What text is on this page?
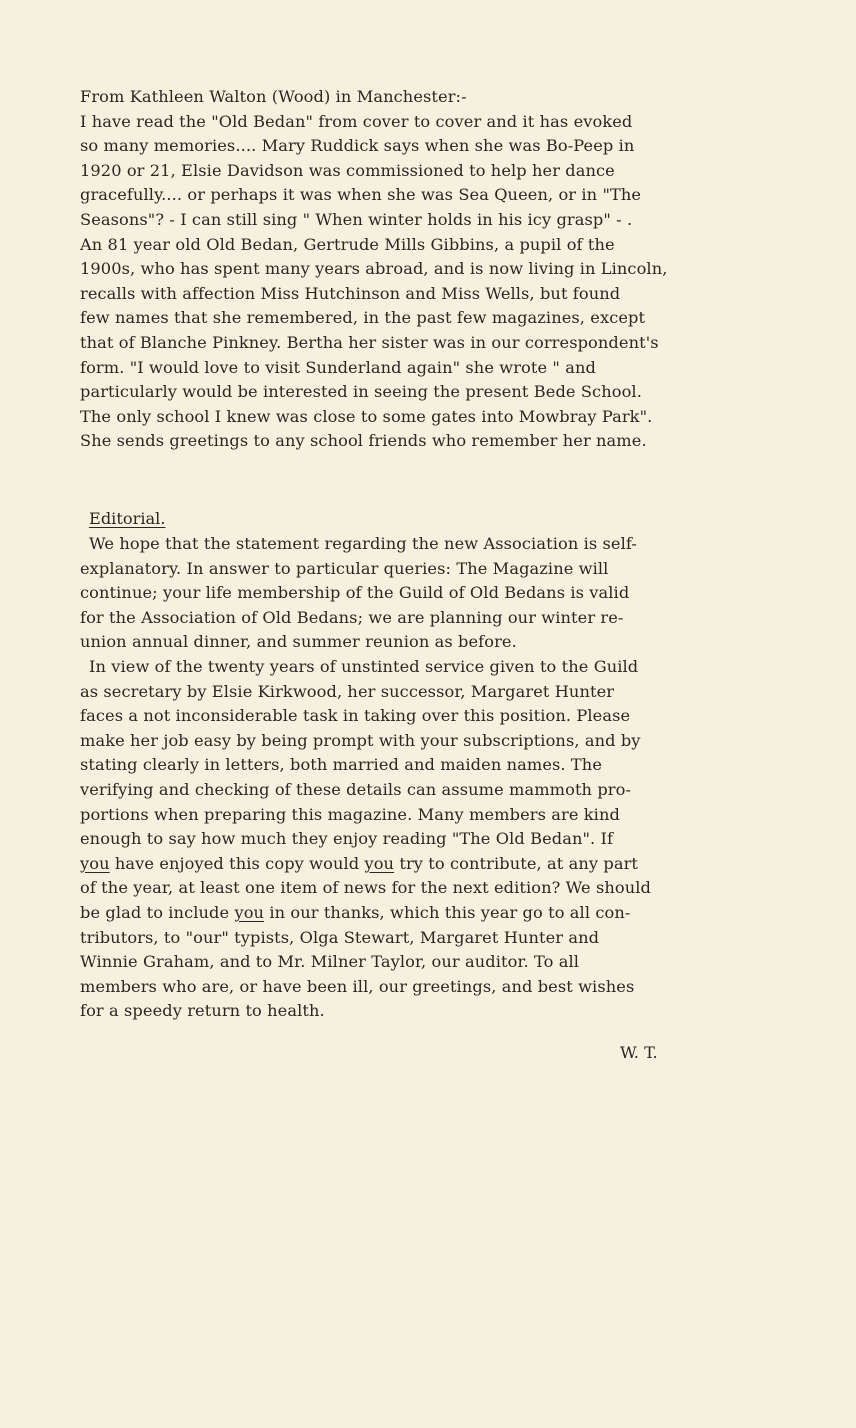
From Kathleen Walton (Wood) in Manchester:-
I have read the "Old Bedan" from cover to cover and it has evoked
so many memories.... Mary Ruddick says when she was Bo-Peep in
1920 or 21, Elsie Davidson was commissioned to help her dance
gracefully.... or perhaps it was when she was Sea Queen, or in "The
Seasons"? - I can still sing " When winter holds in his icy grasp" - .
An 81 year old Old Bedan, Gertrude Mills Gibbins, a pupil of the
1900s, who has spent many years abroad, and is now living in Lincoln,
recalls with affection Miss Hutchinson and Miss Wells, but found
few names that she remembered, in the past few magazines, except
that of Blanche Pinkney. Bertha her sister was in our correspondent's
form. "I would love to visit Sunderland again" she wrote " and
particularly would be interested in seeing the present Bede School.
The only school I knew was close to some gates into Mowbray Park".
She sends greetings to any school friends who remember her name.
Editorial.
We hope that the statement regarding the new Association is self-
explanatory. In answer to particular queries: The Magazine will
continue; your life membership of the Guild of Old Bedans is valid
for the Association of Old Bedans; we are planning our winter re-
union annual dinner, and summer reunion as before.
In view of the twenty years of unstinted service given to the Guild
as secretary by Elsie Kirkwood, her successor, Margaret Hunter
faces a not inconsiderable task in taking over this position. Please
make her job easy by being prompt with your subscriptions, and by
stating clearly in letters, both married and maiden names. The
verifying and checking of these details can assume mammoth pro-
portions when preparing this magazine. Many members are kind
enough to say how much they enjoy reading "The Old Bedan". If
you have enjoyed this copy would you try to contribute, at any part
of the year, at least one item of news for the next edition? We should
be glad to include you in our thanks, which this year go to all con-
tributors, to "our" typists, Olga Stewart, Margaret Hunter and
Winnie Graham, and to Mr. Milner Taylor, our auditor. To all
members who are, or have been ill, our greetings, and best wishes
for a speedy return to health.
W. T.
